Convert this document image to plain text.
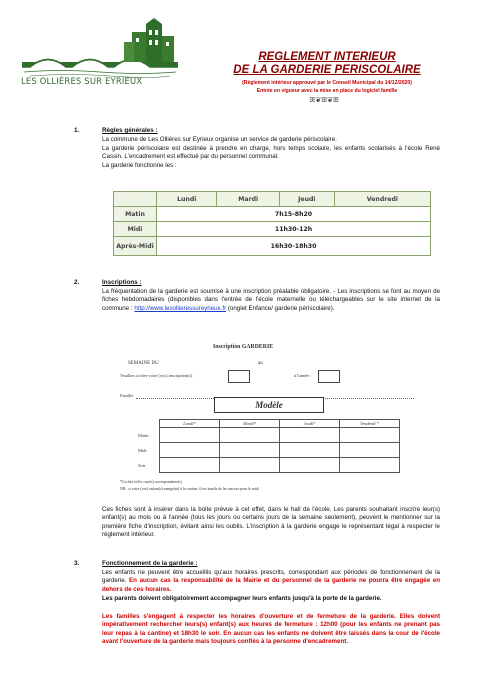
LES OLLIÈRES SUR EYRIEUX
REGLEMENT INTERIEUR
DE LA GARDERIE PERISCOLAIRE
(Règlement intérieur approuvé par le Conseil Municipal du 14/12/2020)
Entrée en vigueur avec la mise en place du logiciel famille
ꕥ❦ꕥ❦ꕥ
1.	Règles générales :

La commune de Les Ollières sur Eyrieux organise un service de garderie périscolaire.

La garderie périscolaire est destinée à prendre en charge, hors temps scolaire, les enfants scolarisés à l'école René Cassin. L'encadrement est effectué par du personnel communal.

La garderie fonctionne les :

	Lundi	Mardi	Jeudi	Vendredi
Matin	7h15-8h20			
Midi	11h30-12h			
Après-Midi	16h30-18h30			
2.	Inscriptions :

La fréquentation de la garderie est soumise à une inscription préalable obligatoire. - Les inscriptions se font au moyen de fiches hebdomadaires (disponibles dans l'entrée de l'école maternelle ou téléchargeables sur le site internet de la commune : http://www.lesollieressureyrieux.fr (onglet Enfance/ garderie périscolaire).

Inscription GARDERIE
SEMAINE DU	au
Veuillez cocher votre (vos) inscription(s) :	à l'année :
Famille
Modèle
	Lundi*	Mardi*	Jeudi*	Vendredi *
Matin				
Midi				
Soir				
*Cochez la/les case(s) correspondante(s)
NB : si votre (vos) enfant(s) mange(nt) à la cantine, il est inutile de les inscrire pour le midi

Ces fiches sont à insérer dans la boite prévue à cet effet, dans le hall de l'école. Les parents souhaitant inscrire leur(s) enfant(s) au mois ou à l'année (tous les jours ou certains jours de la semaine seulement), peuvent le mentionner sur la première fiche d'inscription, évitant ainsi les oublis. L'inscription à la garderie engage le représentant légal à respecter le règlement intérieur.

3.	Fonctionnement de la garderie :

Les enfants ne peuvent être accueillis qu'aux horaires prescrits, correspondant aux périodes de fonctionnement de la garderie. En aucun cas la responsabilité de la Mairie et du personnel de la garderie ne pourra être engagée en dehors de ces horaires.

Les parents doivent obligatoirement accompagner leurs enfants jusqu'à la porte de la garderie.

Les familles s'engagent à respecter les horaires d'ouverture et de fermeture de la garderie. Elles doivent impérativement rechercher leurs(s) enfant(s) aux heures de fermeture : 12h00 (pour les enfants ne prenant pas leur repas à la cantine) et 18h30 le soir. En aucun cas les enfants ne doivent être laissés dans la cour de l'école avant l'ouverture de la garderie mais toujours confiés à la personne d'encadrement.
